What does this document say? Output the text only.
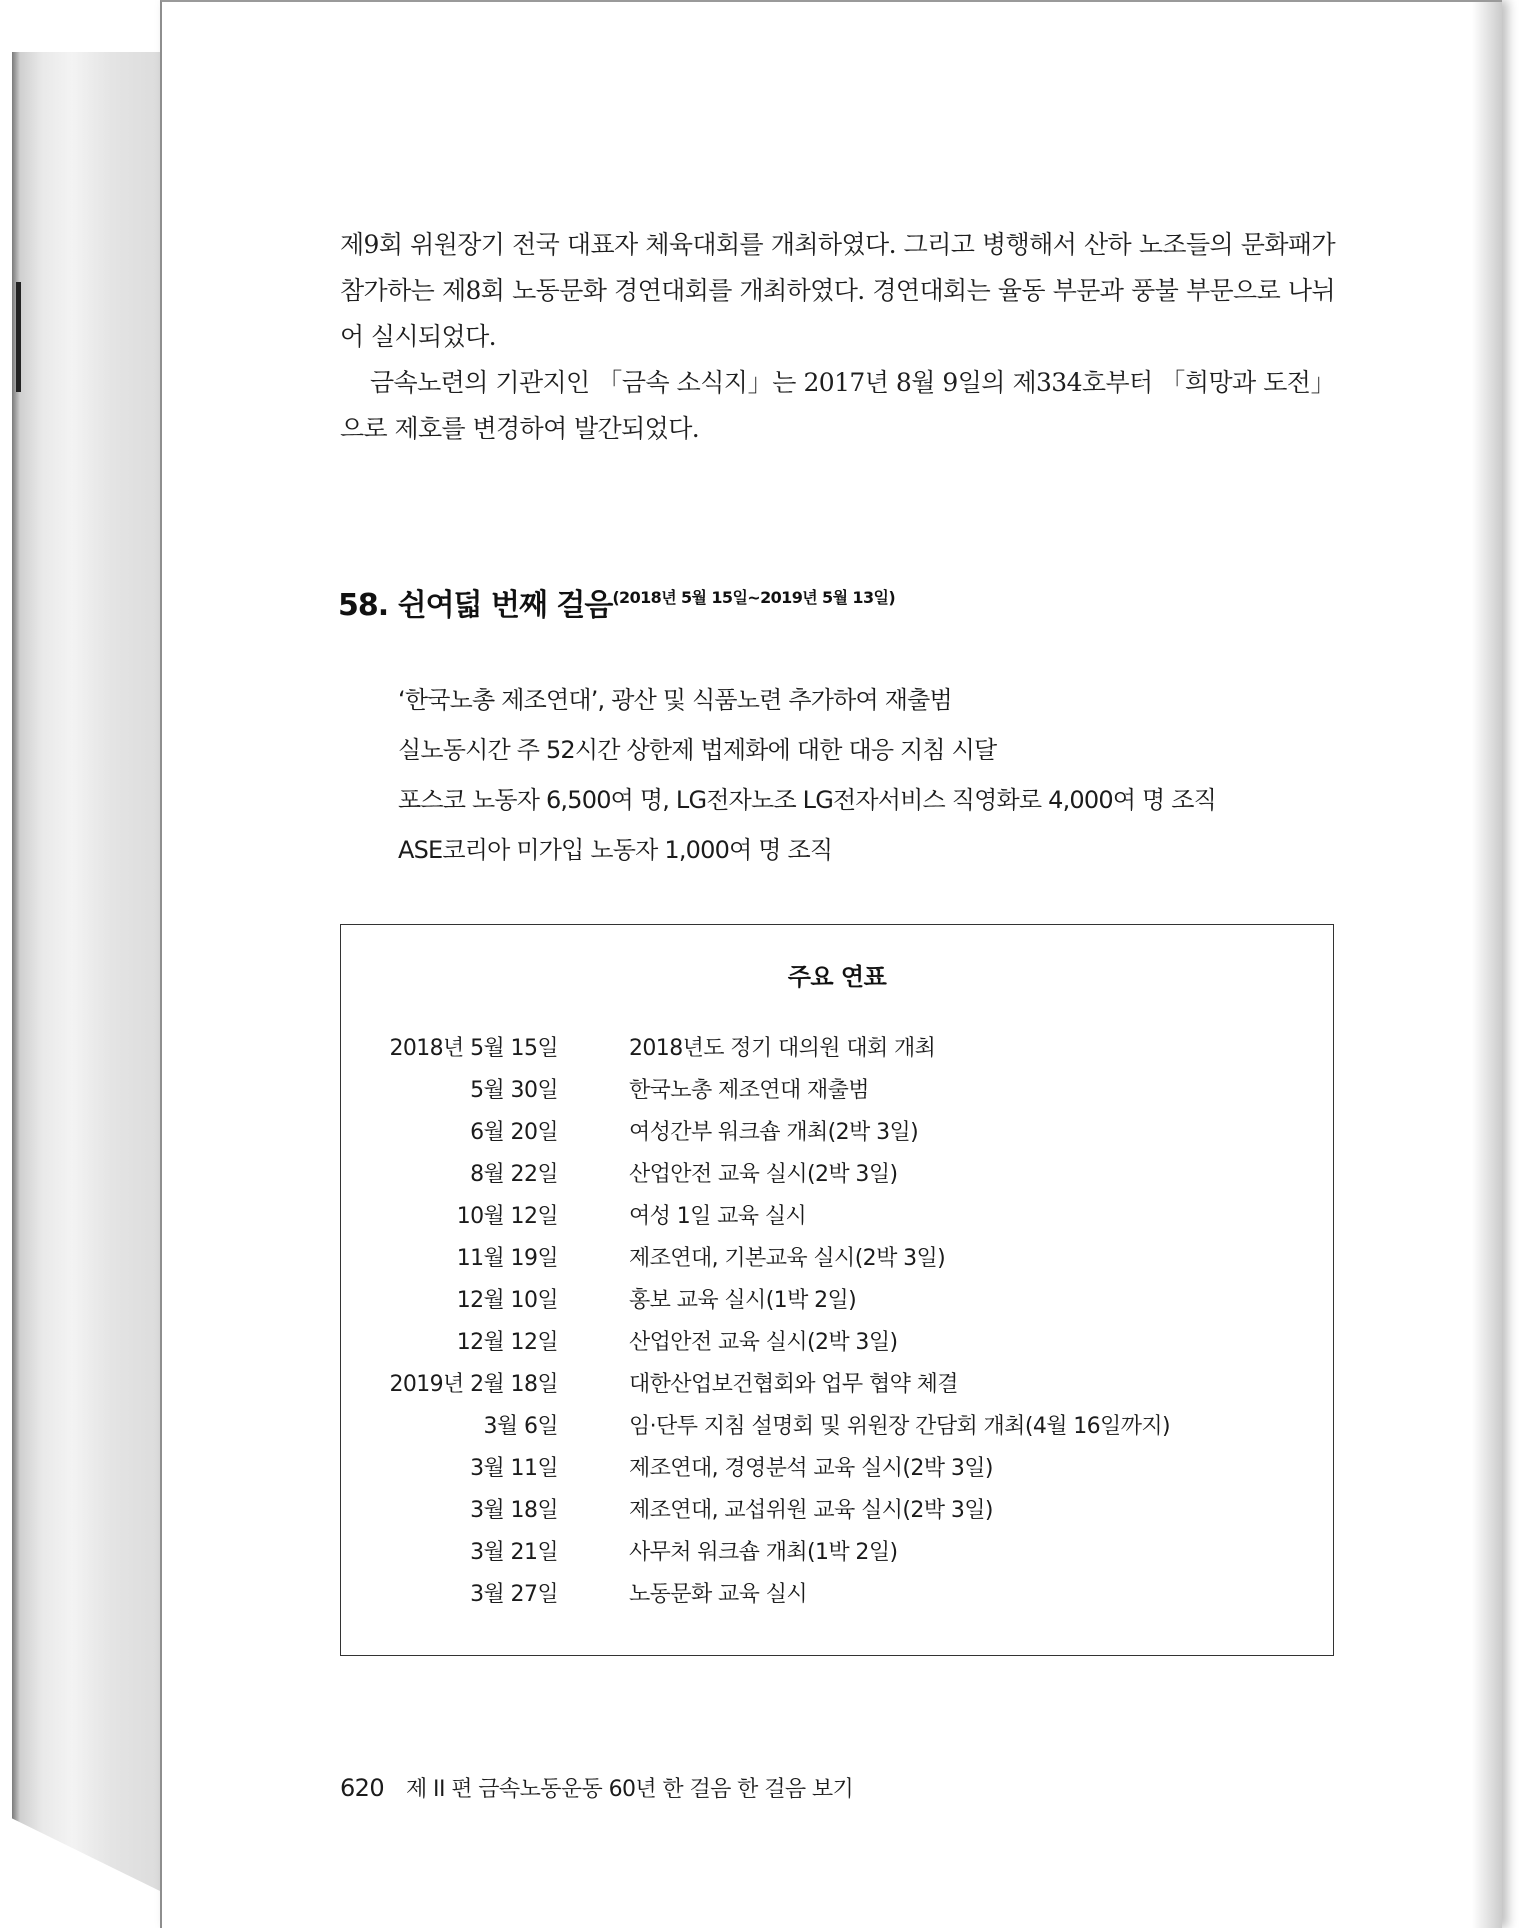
제9회 위원장기 전국 대표자 체육대회를 개최하였다. 그리고 병행해서 산하 노조들의 문화패가 참가하는 제8회 노동문화 경연대회를 개최하였다. 경연대회는 율동 부문과 풍불 부문으로 나뉘어 실시되었다.

금속노련의 기관지인 「금속 소식지」는 2017년 8월 9일의 제334호부터 「희망과 도전」으로 제호를 변경하여 발간되었다.

58. 쉰여덟 번째 걸음(2018년 5월 15일~2019년 5월 13일)
‘한국노총 제조연대’, 광산 및 식품노련 추가하여 재출범
실노동시간 주 52시간 상한제 법제화에 대한 대응 지침 시달
포스코 노동자 6,500여 명, LG전자노조 LG전자서비스 직영화로 4,000여 명 조직
ASE코리아 미가입 노동자 1,000여 명 조직
주요 연표
2018년 5월 15일	2018년도 정기 대의원 대회 개최
5월 30일	한국노총 제조연대 재출범
6월 20일	여성간부 워크숍 개최(2박 3일)
8월 22일	산업안전 교육 실시(2박 3일)
10월 12일	여성 1일 교육 실시
11월 19일	제조연대, 기본교육 실시(2박 3일)
12월 10일	홍보 교육 실시(1박 2일)
12월 12일	산업안전 교육 실시(2박 3일)
2019년 2월 18일	대한산업보건협회와 업무 협약 체결
3월 6일	임·단투 지침 설명회 및 위원장 간담회 개최(4월 16일까지)
3월 11일	제조연대, 경영분석 교육 실시(2박 3일)
3월 18일	제조연대, 교섭위원 교육 실시(2박 3일)
3월 21일	사무처 워크숍 개최(1박 2일)
3월 27일	노동문화 교육 실시
620 제 II 편 금속노동운동 60년 한 걸음 한 걸음 보기
